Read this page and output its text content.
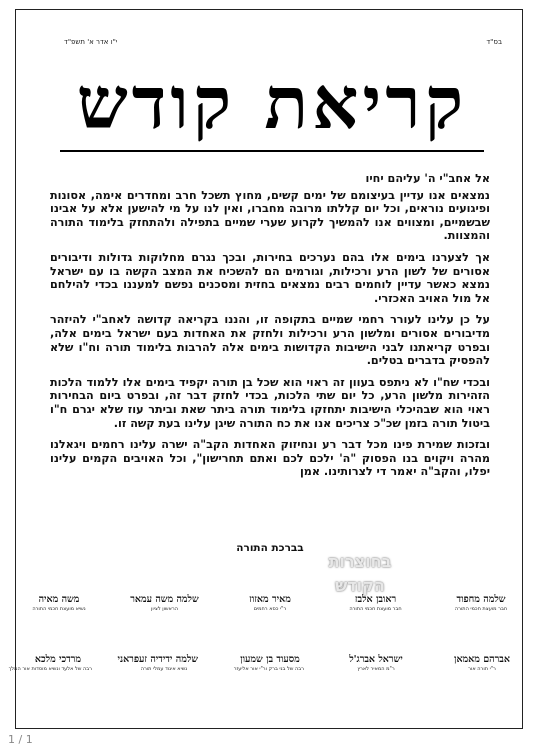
בס"ד
י"ו אדר א' תשפ"ד
קריאת קודש

אל אחב"י ה' עליהם יחיו

נמצאים אנו עדיין בעיצומם של ימים קשים, מחוץ תשכל חרב ומחדרים אימה, אסונות ופיגועים נוראים, וכל יום קללתו מרובה מחברו, ואין לנו על מי להישען אלא על אבינו שבשמיים, ומצווים אנו להמשיך לקרוע שערי שמיים בתפילה ולהתחזק בלימוד התורה והמצוות.

אך לצערנו בימים אלו בהם נערכים בחירות, ובכך נגרם מחלוקות גדולות ודיבורים אסורים של לשון הרע ורכילות, וגורמים הם להשכיח את המצב הקשה בו עם ישראל נמצא כאשר עדיין לוחמים רבים נמצאים בחזית ומסכנים נפשם למעננו בכדי להילחם אל מול האויב האכזרי.

על כן עלינו לעורר רחמי שמיים בתקופה זו, והננו בקריאה קדושה לאחב"י להיזהר מדיבורים אסורים ומלשון הרע ורכילות ולחזק את האחדות בעם ישראל בימים אלה, ובפרט קריאתנו לבני הישיבות הקדושות בימים אלה להרבות בלימוד תורה וח"ו שלא להפסיק בדברים בטלים.

ובכדי שח"ו לא ניתפס בעוון זה ראוי הוא שכל בן תורה יקפיד בימים אלו ללמוד הלכות הזהירות מלשון הרע, כל יום שתי הלכות, בכדי לחזק דבר זה, ובפרט ביום הבחירות ראוי הוא שבהיכלי הישיבות יתחזקו בלימוד תורה ביתר שאת וביתר עוז שלא יגרם ח"ו ביטול תורה בזמן שכ"כ צריכים אנו את כח התורה שיגן עלינו בעת קשה זו.

ובזכות שמירת פינו מכל דבר רע ונחיזוק האחדות הקב"ה ישרה עלינו רחמים ויגאלנו מהרה ויקוים בנו הפסוק "ה' ילכם לכם ואתם תחרישון", וכל האויבים הקמים עלינו יפלו, והקב"ה יאמר די לצרותינו. אמן

בברכת התורה
בחוצרות
הקודש
משה מאיה
נשיא מועצת חכמי התורה
שלמה משה עמאר
הראשון לציון
מאיר מאזוז
ר"י כסא רחמים
ראובן אלבז
חבר מועצת חכמי התורה
שלמה מחפוד
חבר מועצת חכמי התורה
מרדכי מלכא
רבה של אלעד ונשיא מוסדות אור המלך
שלמה ידידיה זעפראני
נשיא איגוד עמלי תורה
מסעוד בן שמעון
רבה של בני ברק ור"י אור אליעזר
ישראל אברג'ל
ר"מ המאיר לארץ
אברהם מאמאן
ר"י תורה אור
1 / 1
